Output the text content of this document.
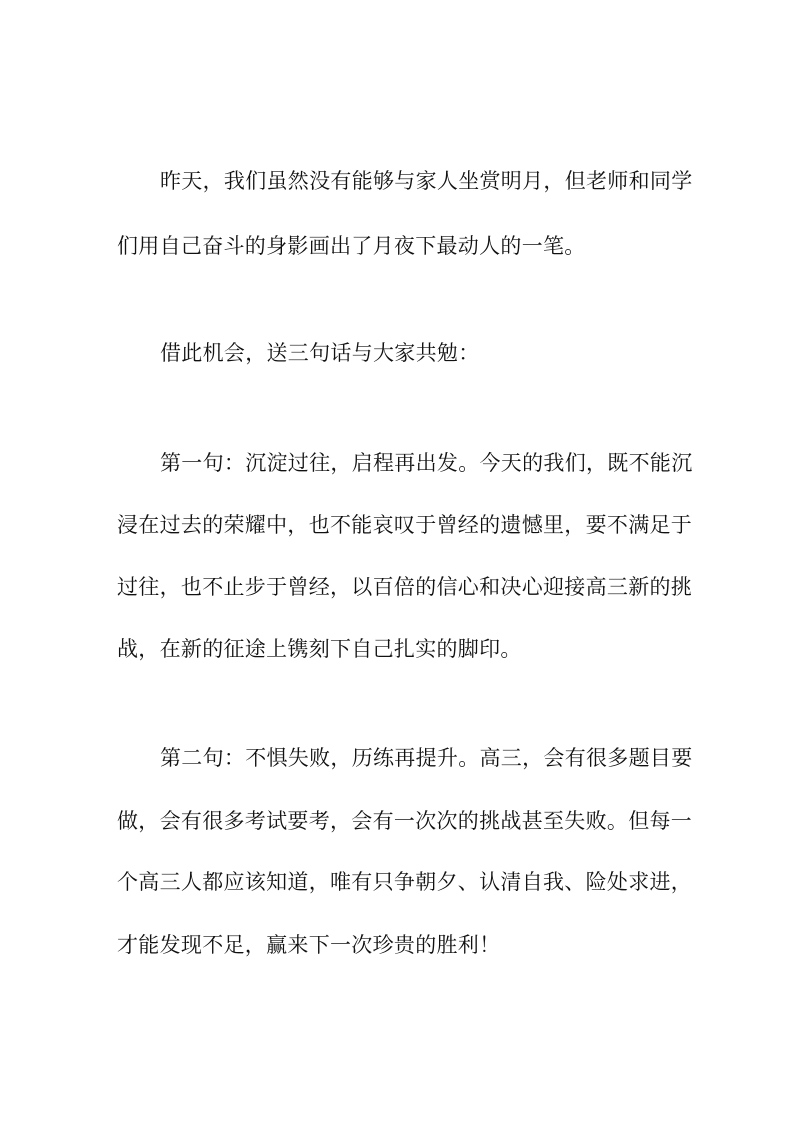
昨天，我们虽然没有能够与家人坐赏明月，但老师和同学
们用自己奋斗的身影画出了月夜下最动人的一笔。
借此机会，送三句话与大家共勉：
第一句：沉淀过往，启程再出发。今天的我们，既不能沉
浸在过去的荣耀中，也不能哀叹于曾经的遗憾里，要不满足于
过往，也不止步于曾经，以百倍的信心和决心迎接高三新的挑
战，在新的征途上镌刻下自己扎实的脚印。
第二句：不惧失败，历练再提升。高三，会有很多题目要
做，会有很多考试要考，会有一次次的挑战甚至失败。但每一
个高三人都应该知道，唯有只争朝夕、认清自我、险处求进，
才能发现不足，赢来下一次珍贵的胜利！
